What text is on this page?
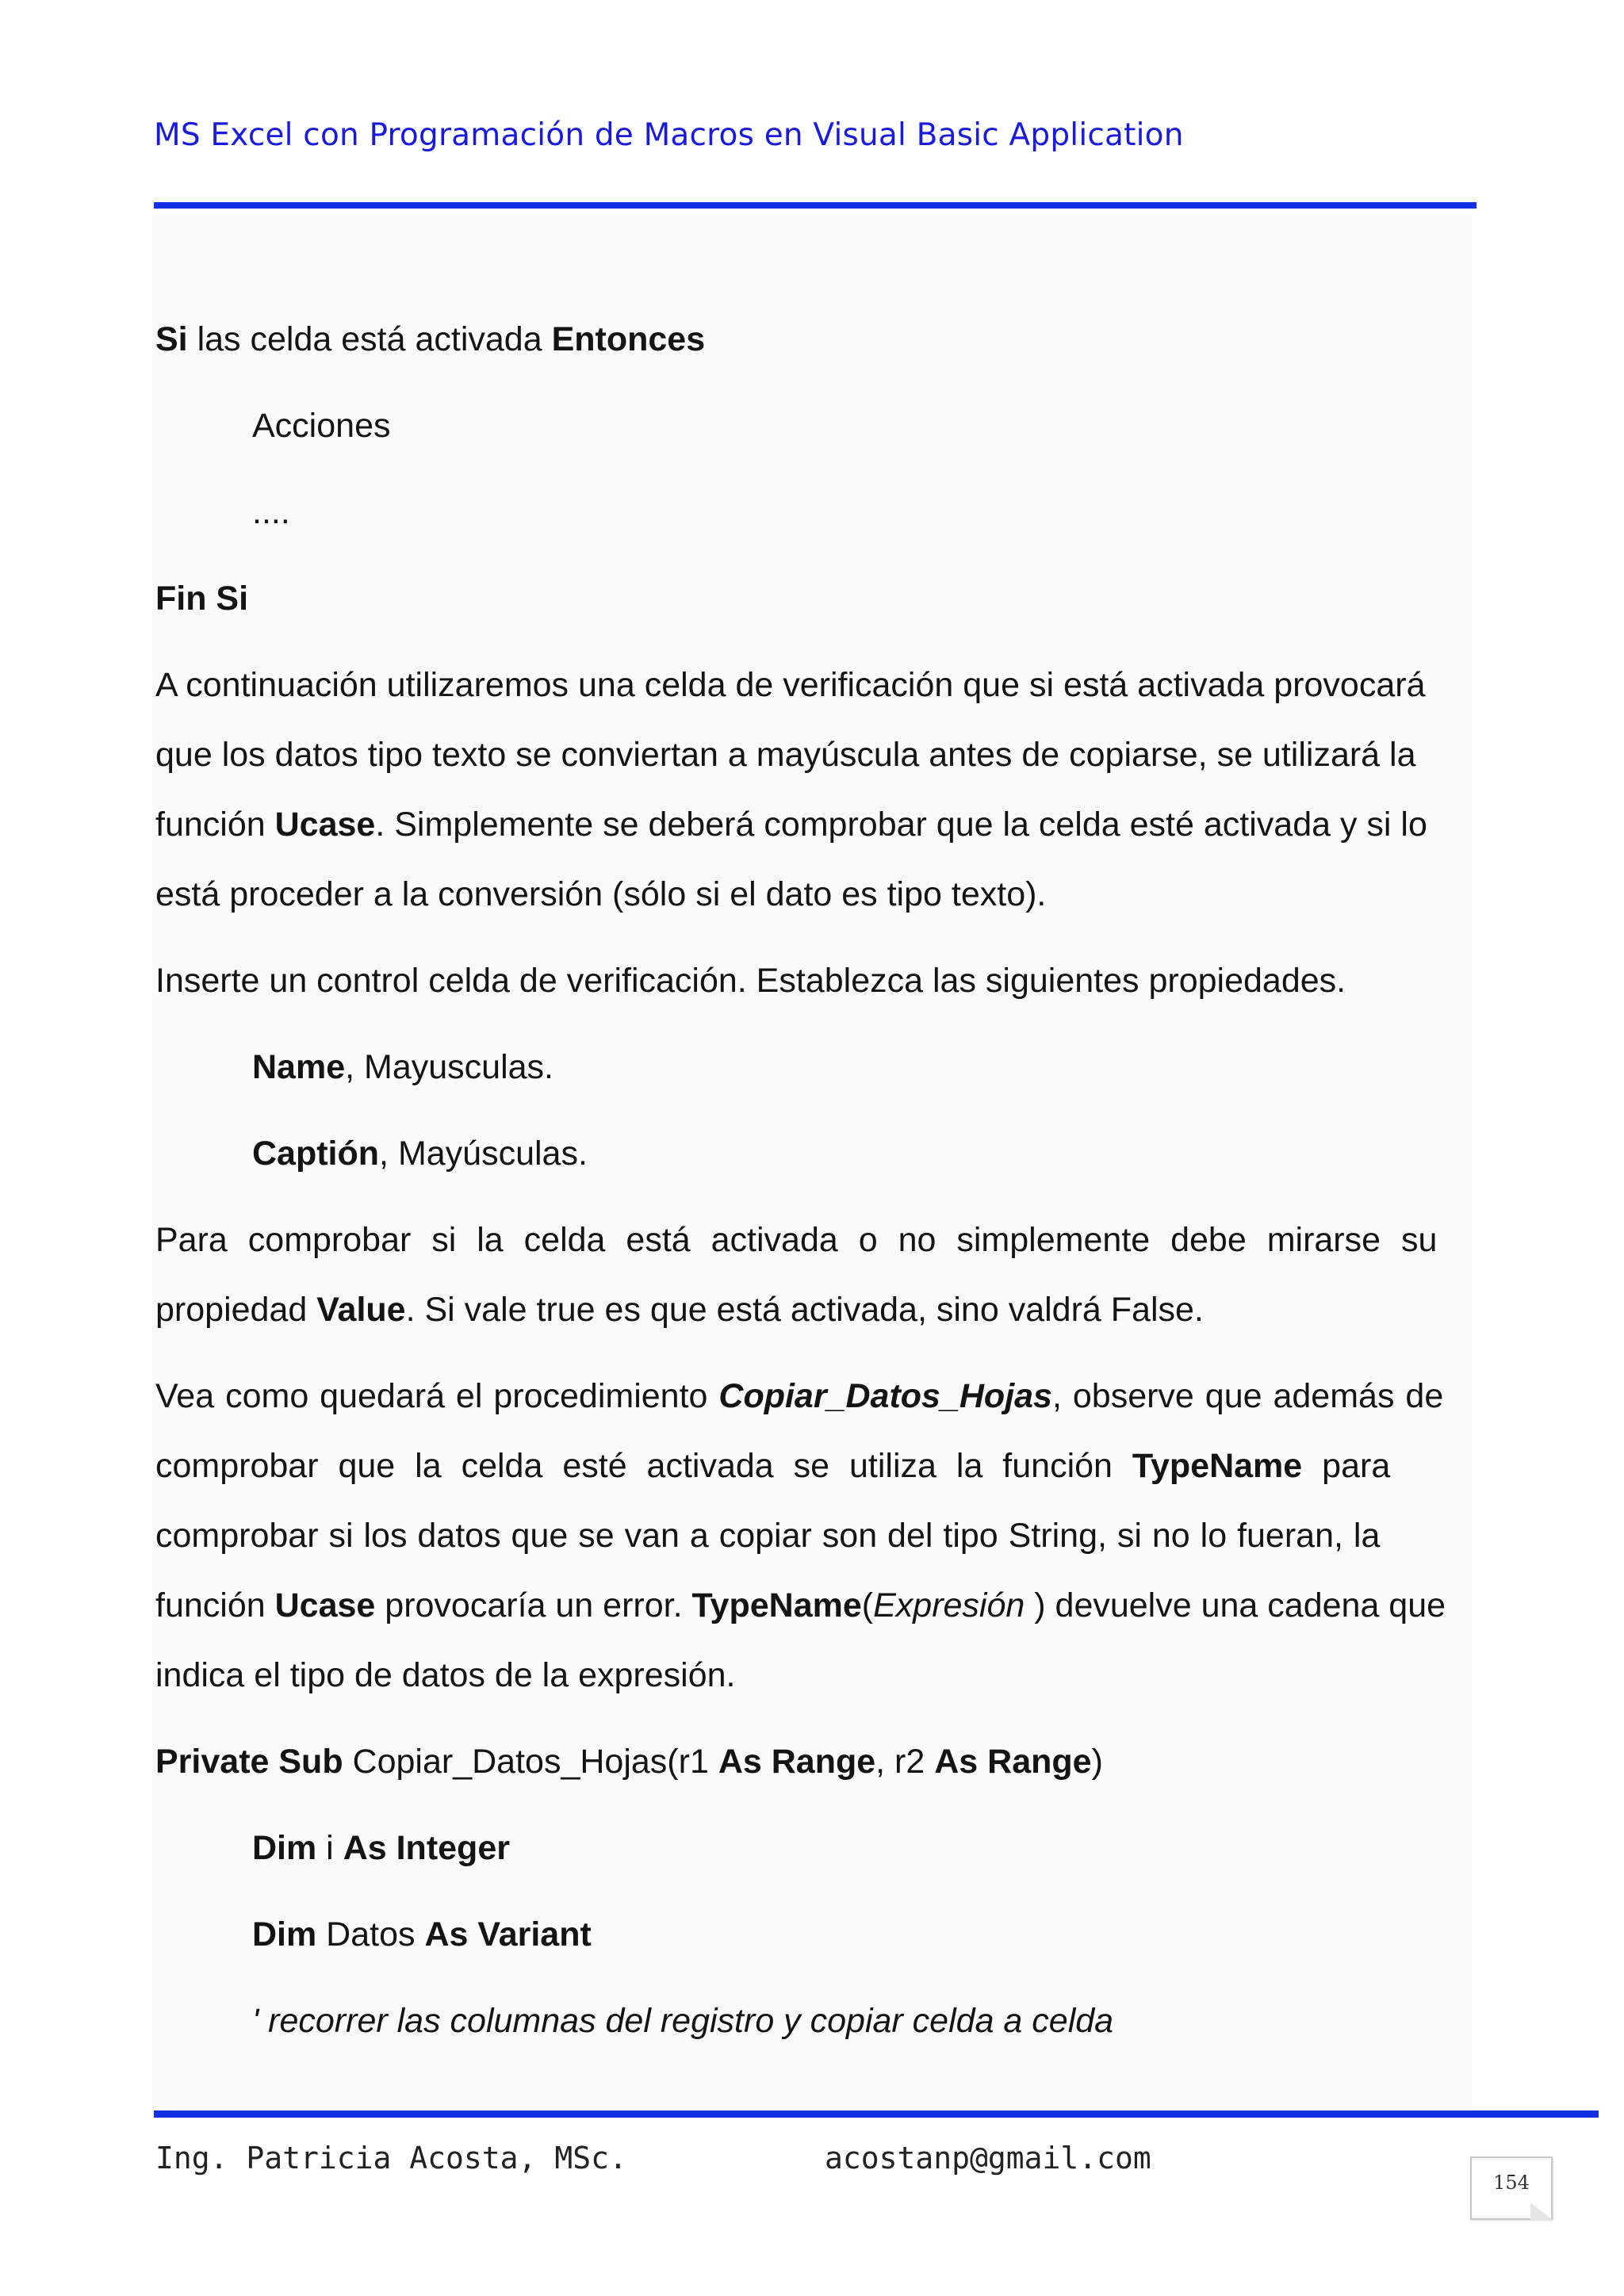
MS Excel con Programación de Macros en Visual Basic Application
Si las celda está activada Entonces
Acciones
....
Fin Si
A continuación utilizaremos una celda de verificación que si está activada provocará
que los datos tipo texto se conviertan a mayúscula antes de copiarse, se utilizará la
función Ucase. Simplemente se deberá comprobar que la celda esté activada y si lo
está proceder a la conversión (sólo si el dato es tipo texto).
Inserte un control celda de verificación. Establezca las siguientes propiedades.
Name, Mayusculas.
Captión, Mayúsculas.
Para comprobar si la celda está activada o no simplemente debe mirarse su
propiedad Value. Si vale true es que está activada, sino valdrá False.
Vea como quedará el procedimiento Copiar_Datos_Hojas, observe que además de
comprobar que la celda esté activada se utiliza la función TypeName para
comprobar si los datos que se van a copiar son del tipo String, si no lo fueran, la
función Ucase provocaría un error. TypeName(Expresión ) devuelve una cadena que
indica el tipo de datos de la expresión.
Private Sub Copiar_Datos_Hojas(r1 As Range, r2 As Range)
Dim i As Integer
Dim Datos As Variant
' recorrer las columnas del registro y copiar celda a celda
Ing. Patricia Acosta, MSc.	acostanp@gmail.com
154
